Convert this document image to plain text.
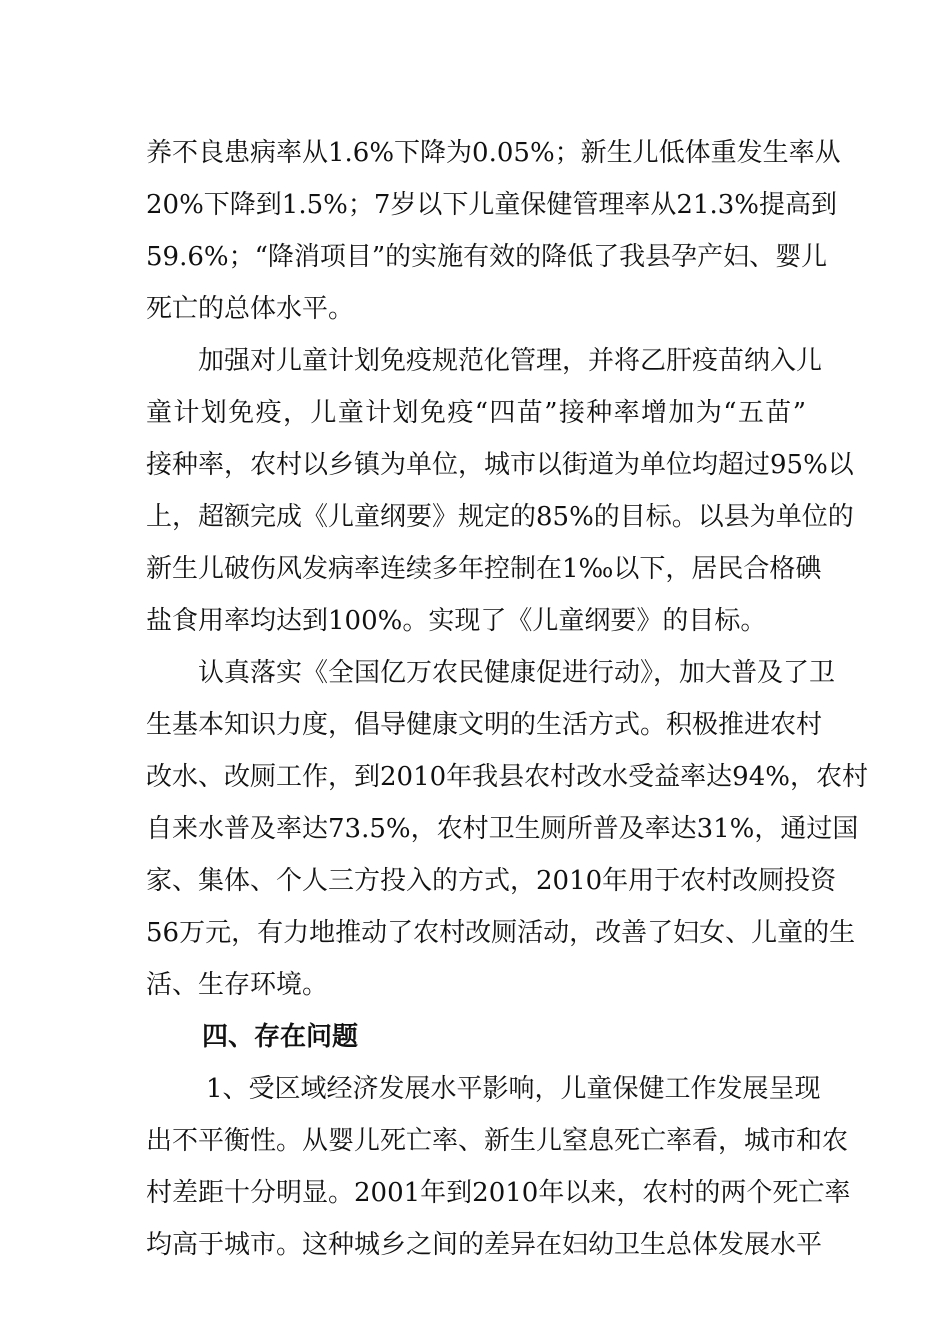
养不良患病率从1.6%下降为0.05%；新生儿低体重发生率从
20%下降到1.5%；7岁以下儿童保健管理率从21.3%提高到
59.6%；“降消项目”的实施有效的降低了我县孕产妇、婴儿
死亡的总体水平。
加强对儿童计划免疫规范化管理，并将乙肝疫苗纳入儿
童计划免疫，儿童计划免疫“四苗”接种率增加为“五苗”
接种率，农村以乡镇为单位，城市以街道为单位均超过95%以
上，超额完成《儿童纲要》规定的85%的目标。以县为单位的
新生儿破伤风发病率连续多年控制在1‰以下，居民合格碘
盐食用率均达到100%。实现了《儿童纲要》的目标。
认真落实《全国亿万农民健康促进行动》，加大普及了卫
生基本知识力度，倡导健康文明的生活方式。积极推进农村
改水、改厕工作，到2010年我县农村改水受益率达94%，农村
自来水普及率达73.5%，农村卫生厕所普及率达31%，通过国
家、集体、个人三方投入的方式，2010年用于农村改厕投资
56万元，有力地推动了农村改厕活动，改善了妇女、儿童的生
活、生存环境。
四、存在问题
1、受区域经济发展水平影响，儿童保健工作发展呈现
出不平衡性。从婴儿死亡率、新生儿窒息死亡率看，城市和农
村差距十分明显。2001年到2010年以来，农村的两个死亡率
均高于城市。这种城乡之间的差异在妇幼卫生总体发展水平
